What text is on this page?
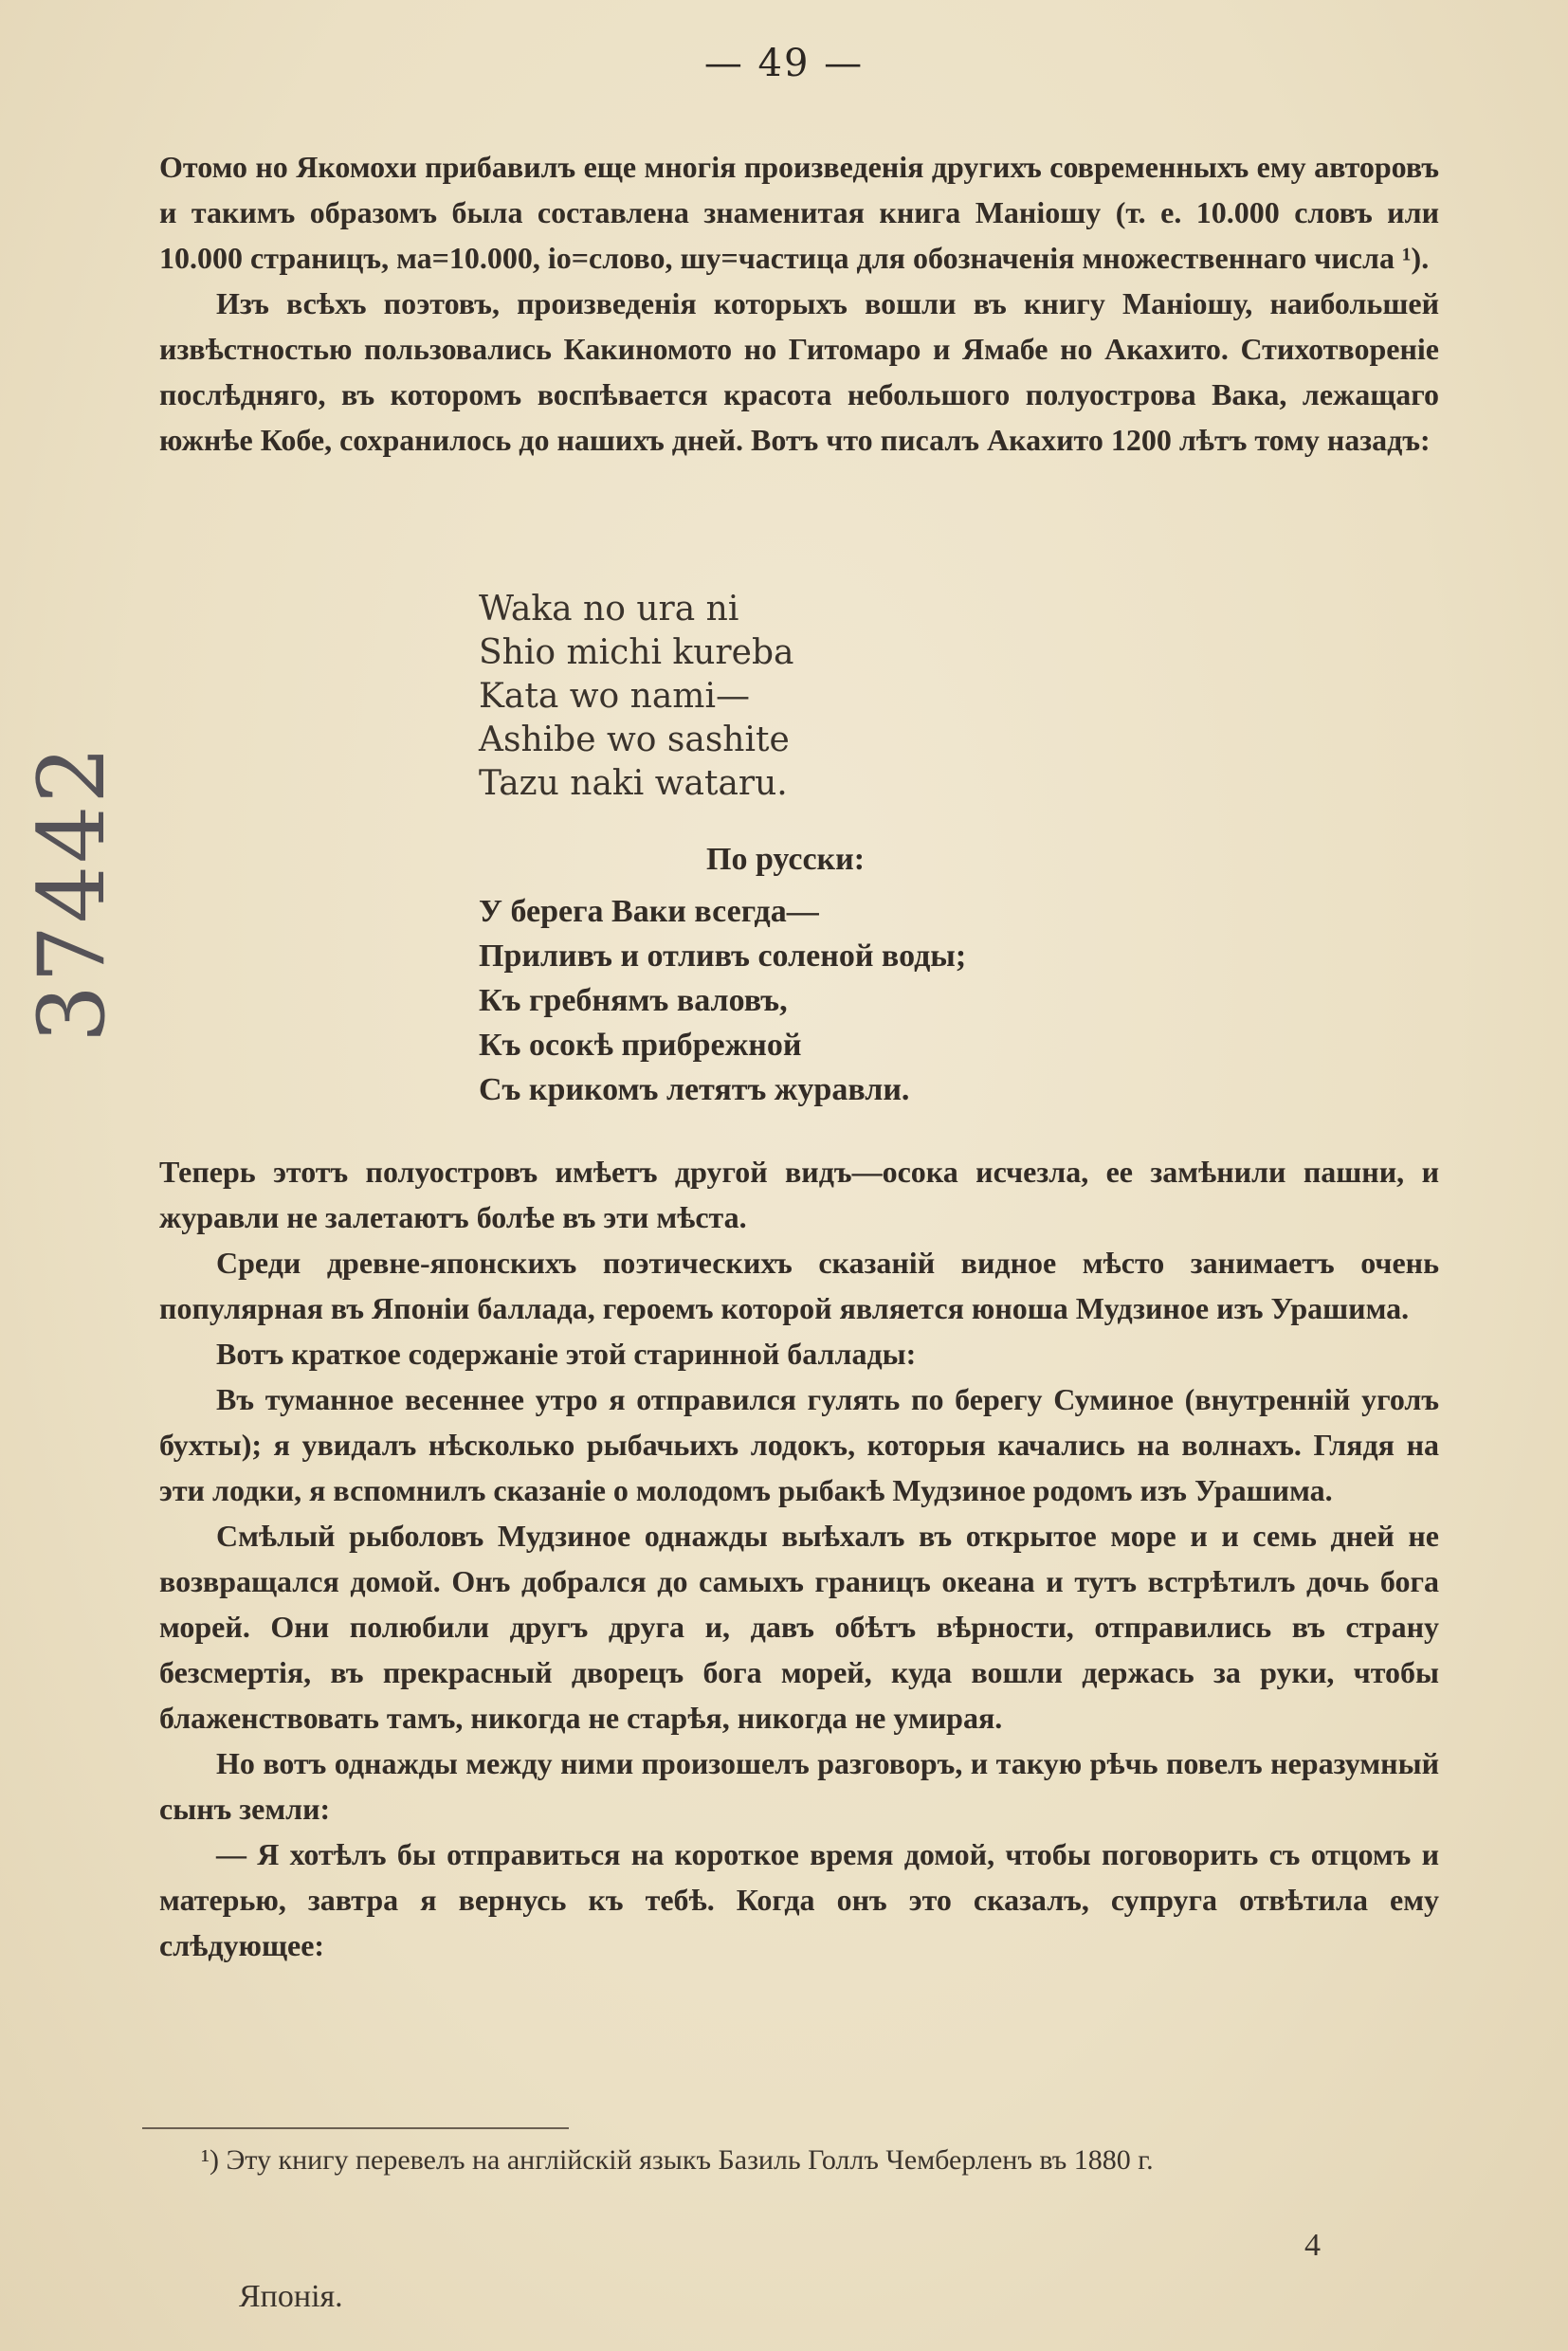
— 49 —

Отомо но Якомохи прибавилъ еще многія произведенія другихъ современныхъ ему авторовъ и такимъ образомъ была составлена знаменитая книга Маніошу (т. е. 10.000 словъ или 10.000 страницъ, ма=10.000, іо=слово, шу=частица для обозначенія множественнаго числа ¹).

Изъ всѣхъ поэтовъ, произведенія которыхъ вошли въ книгу Маніошу, наибольшей извѣстностью пользовались Какиномото но Гитомаро и Ямабе но Акахито. Стихотвореніе послѣдняго, въ которомъ воспѣвается красота небольшого полуострова Вака, лежащаго южнѣе Кобе, сохранилось до нашихъ дней. Вотъ что писалъ Акахито 1200 лѣтъ тому назадъ:

Waka no ura ni
Shio michi kureba
Kata wo nami—
Ashibe wo sashite
Tazu naki wataru.
По русски:
У берега Ваки всегда—
Приливъ и отливъ соленой воды;
Къ гребнямъ валовъ,
Къ осокѣ прибрежной
Съ крикомъ летятъ журавли.

Теперь этотъ полуостровъ имѣетъ другой видъ—осока исчезла, ее замѣнили пашни, и журавли не залетаютъ болѣе въ эти мѣста.

Среди древне-японскихъ поэтическихъ сказаній видное мѣсто занимаетъ очень популярная въ Японіи баллада, героемъ которой является юноша Мудзиное изъ Урашима.

Вотъ краткое содержаніе этой старинной баллады:

Въ туманное весеннее утро я отправился гулять по берегу Суминое (внутренній уголъ бухты); я увидалъ нѣсколько рыбачьихъ лодокъ, которыя качались на волнахъ. Глядя на эти лодки, я вспомнилъ сказаніе о молодомъ рыбакѣ Мудзиное родомъ изъ Урашима.

Смѣлый рыболовъ Мудзиное однажды выѣхалъ въ открытое море и и семь дней не возвращался домой. Онъ добрался до самыхъ границъ океана и тутъ встрѣтилъ дочь бога морей. Они полюбили другъ друга и, давъ обѣтъ вѣрности, отправились въ страну безсмертія, въ прекрасный дворецъ бога морей, куда вошли держась за руки, чтобы блаженствовать тамъ, никогда не старѣя, никогда не умирая.

Но вотъ однажды между ними произошелъ разговоръ, и такую рѣчь повелъ неразумный сынъ земли:

— Я хотѣлъ бы отправиться на короткое время домой, чтобы поговорить съ отцомъ и матерью, завтра я вернусь къ тебѣ. Когда онъ это сказалъ, супруга отвѣтила ему слѣдующее:

¹) Эту книгу перевелъ на англійскій языкъ Базиль Голлъ Чемберленъ въ 1880 г.
4
Японія.
37442
